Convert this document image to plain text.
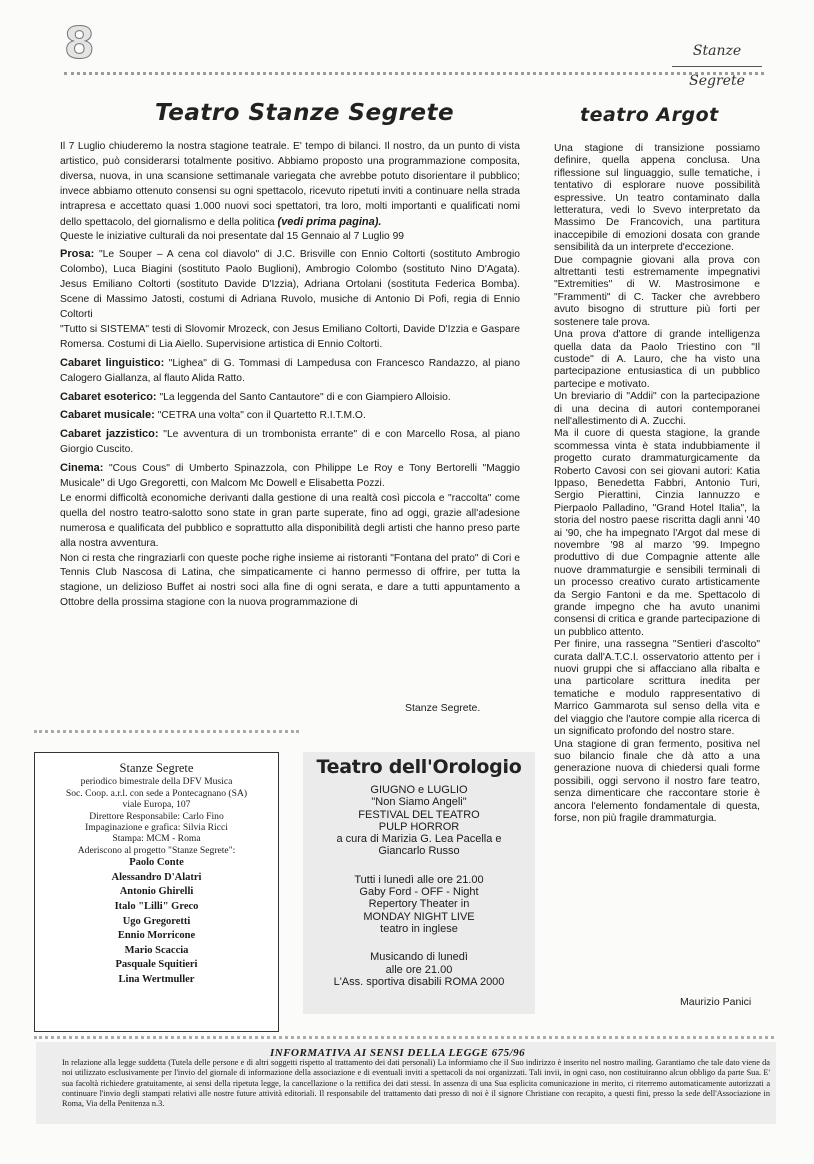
8	Stanze Segrete
Teatro Stanze Segrete

Il 7 Luglio chiuderemo la nostra stagione teatrale. E' tempo di bilanci. Il nostro, da un punto di vista artistico, può considerarsi totalmente positivo. Abbiamo proposto una programmazione composita, diversa, nuova, in una scansione settimanale variegata che avrebbe potuto disorientare il pubblico; invece abbiamo ottenuto consensi su ogni spettacolo, ricevuto ripetuti inviti a continuare nella strada intrapresa e accettato quasi 1.000 nuovi soci spettatori, tra loro, molti importanti e qualificati nomi dello spettacolo, del giornalismo e della politica (vedi prima pagina).

Queste le iniziative culturali da noi presentate dal 15 Gennaio al 7 Luglio 99

Prosa: "Le Souper – A cena col diavolo" di J.C. Brisville con Ennio Coltorti (sostituto Ambrogio Colombo), Luca Biagini (sostituto Paolo Buglioni), Ambrogio Colombo (sostituto Nino D'Agata). Jesus Emiliano Coltorti (sostituto Davide D'Izzia), Adriana Ortolani (sostituta Federica Bomba). Scene di Massimo Jatosti, costumi di Adriana Ruvolo, musiche di Antonio Di Pofi, regia di Ennio Coltorti

"Tutto si SISTEMA" testi di Slovomir Mrozeck, con Jesus Emiliano Coltorti, Davide D'Izzia e Gaspare Romersa. Costumi di Lia Aiello. Supervisione artistica di Ennio Coltorti.

Cabaret linguistico: "Lighea" di G. Tommasi di Lampedusa con Francesco Randazzo, al piano Calogero Giallanza, al flauto Alida Ratto.

Cabaret esoterico: "La leggenda del Santo Cantautore" di e con Giampiero Alloisio.

Cabaret musicale: "CETRA una volta" con il Quartetto R.I.T.M.O.

Cabaret jazzistico: "Le avventura di un trombonista errante" di e con Marcello Rosa, al piano Giorgio Cuscito.

Cinema: "Cous Cous" di Umberto Spinazzola, con Philippe Le Roy e Tony Bertorelli "Maggio Musicale" di Ugo Gregoretti, con Malcom Mc Dowell e Elisabetta Pozzi.

Le enormi difficoltà economiche derivanti dalla gestione di una realtà così piccola e "raccolta" come quella del nostro teatro-salotto sono state in gran parte superate, fino ad oggi, grazie all'adesione numerosa e qualificata del pubblico e soprattutto alla disponibilità degli artisti che hanno preso parte alla nostra avventura.

Non ci resta che ringraziarli con queste poche righe insieme ai ristoranti "Fontana del prato" di Cori e Tennis Club Nascosa di Latina, che simpaticamente ci hanno permesso di offrire, per tutta la stagione, un delizioso Buffet ai nostri soci alla fine di ogni serata, e dare a tutti appuntamento a Ottobre della prossima stagione con la nuova programmazione di

Stanze Segrete.
teatro Argot

Una stagione di transizione possiamo definire, quella appena conclusa. Una riflessione sul linguaggio, sulle tematiche, i tentativo di esplorare nuove possibilità espressive. Un teatro contaminato dalla letteratura, vedi lo Svevo interpretato da Massimo De Francovich, una partitura inaccepibile di emozioni dosata con grande sensibilità da un interprete d'eccezione.

Due compagnie giovani alla prova con altrettanti testi estremamente impegnativi "Extremities" di W. Mastrosimone e "Frammenti" di C. Tacker che avrebbero avuto bisogno di strutture più forti per sostenere tale prova.

Una prova d'attore di grande intelligenza quella data da Paolo Triestino con "Il custode" di A. Lauro, che ha visto una partecipazione entusiastica di un pubblico partecipe e motivato.

Un breviario di "Addii" con la partecipazione di una decina di autori contemporanei nell'allestimento di A. Zucchi.

Ma il cuore di questa stagione, la grande scommessa vinta è stata indubbiamente il progetto curato drammaturgicamente da Roberto Cavosi con sei giovani autori: Katia Ippaso, Benedetta Fabbri, Antonio Turi, Sergio Pierattini, Cinzia Iannuzzo e Pierpaolo Palladino, "Grand Hotel Italia", la storia del nostro paese riscritta dagli anni '40 ai '90, che ha impegnato l'Argot dal mese di novembre '98 al marzo '99. Impegno produttivo di due Compagnie attente alle nuove drammaturgie e sensibili terminali di un processo creativo curato artisticamente da Sergio Fantoni e da me. Spettacolo di grande impegno che ha avuto unanimi consensi di critica e grande partecipazione di un pubblico attento.

Per finire, una rassegna "Sentieri d'ascolto" curata dall'A.T.C.I. osservatorio attento per i nuovi gruppi che si affacciano alla ribalta e una particolare scrittura inedita per tematiche e modulo rappresentativo di Marrico Gammarota sul senso della vita e del viaggio che l'autore compie alla ricerca di un significato profondo del nostro stare.

Una stagione di gran fermento, positiva nel suo bilancio finale che dà atto a una generazione nuova di chiedersi quali forme possibili, oggi servono il nostro fare teatro, senza dimenticare che raccontare storie è ancora l'elemento fondamentale di questa, forse, non più fragile drammaturgia.

Maurizio Panici
Stanze Segrete
periodico bimestrale della DFV Musica
Soc. Coop. a.r.l. con sede a Pontecagnano (SA)
viale Europa, 107
Direttore Responsabile: Carlo Fino
Impaginazione e grafica: Silvia Ricci
Stampa: MCM - Roma
Aderiscono al progetto "Stanze Segrete":
Paolo Conte
Alessandro D'Alatri
Antonio Ghirelli
Italo "Lilli" Greco
Ugo Gregoretti
Ennio Morricone
Mario Scaccia
Pasquale Squitieri
Lina Wertmuller
Teatro dell'Orologio
GIUGNO e LUGLIO
"Non Siamo Angeli"
FESTIVAL DEL TEATRO
PULP HORROR
a cura di Marizia G. Lea Pacella e
Giancarlo Russo
Tutti i lunedì alle ore 21.00
Gaby Ford - OFF - Night
Repertory Theater in
MONDAY NIGHT LIVE
teatro in inglese
Musicando di lunedì
alle ore 21.00
L'Ass. sportiva disabili ROMA 2000
INFORMATIVA AI SENSI DELLA LEGGE 675/96
In relazione alla legge suddetta (Tutela delle persone e di altri soggetti rispetto al trattamento dei dati personali) La informiamo che il Suo indirizzo è inserito nel nostro mailing. Garantiamo che tale dato viene da noi utilizzato esclusivamente per l'invio del giornale di informazione della associazione e di eventuali inviti a spettacoli da noi organizzati. Tali invii, in ogni caso, non costituiranno alcun obbligo da parte Sua. E' sua facoltà richiedere gratuitamente, ai sensi della ripetuta legge, la cancellazione o la rettifica dei dati stessi. In assenza di una Sua esplicita comunicazione in merito, ci riterremo automaticamente autorizzati a continuare l'invio degli stampati relativi alle nostre future attività editoriali. Il responsabile del trattamento dati presso di noi è il signore Christiane con recapito, a questi fini, presso la sede dell'Associazione in Roma, Via della Penitenza n.3.
